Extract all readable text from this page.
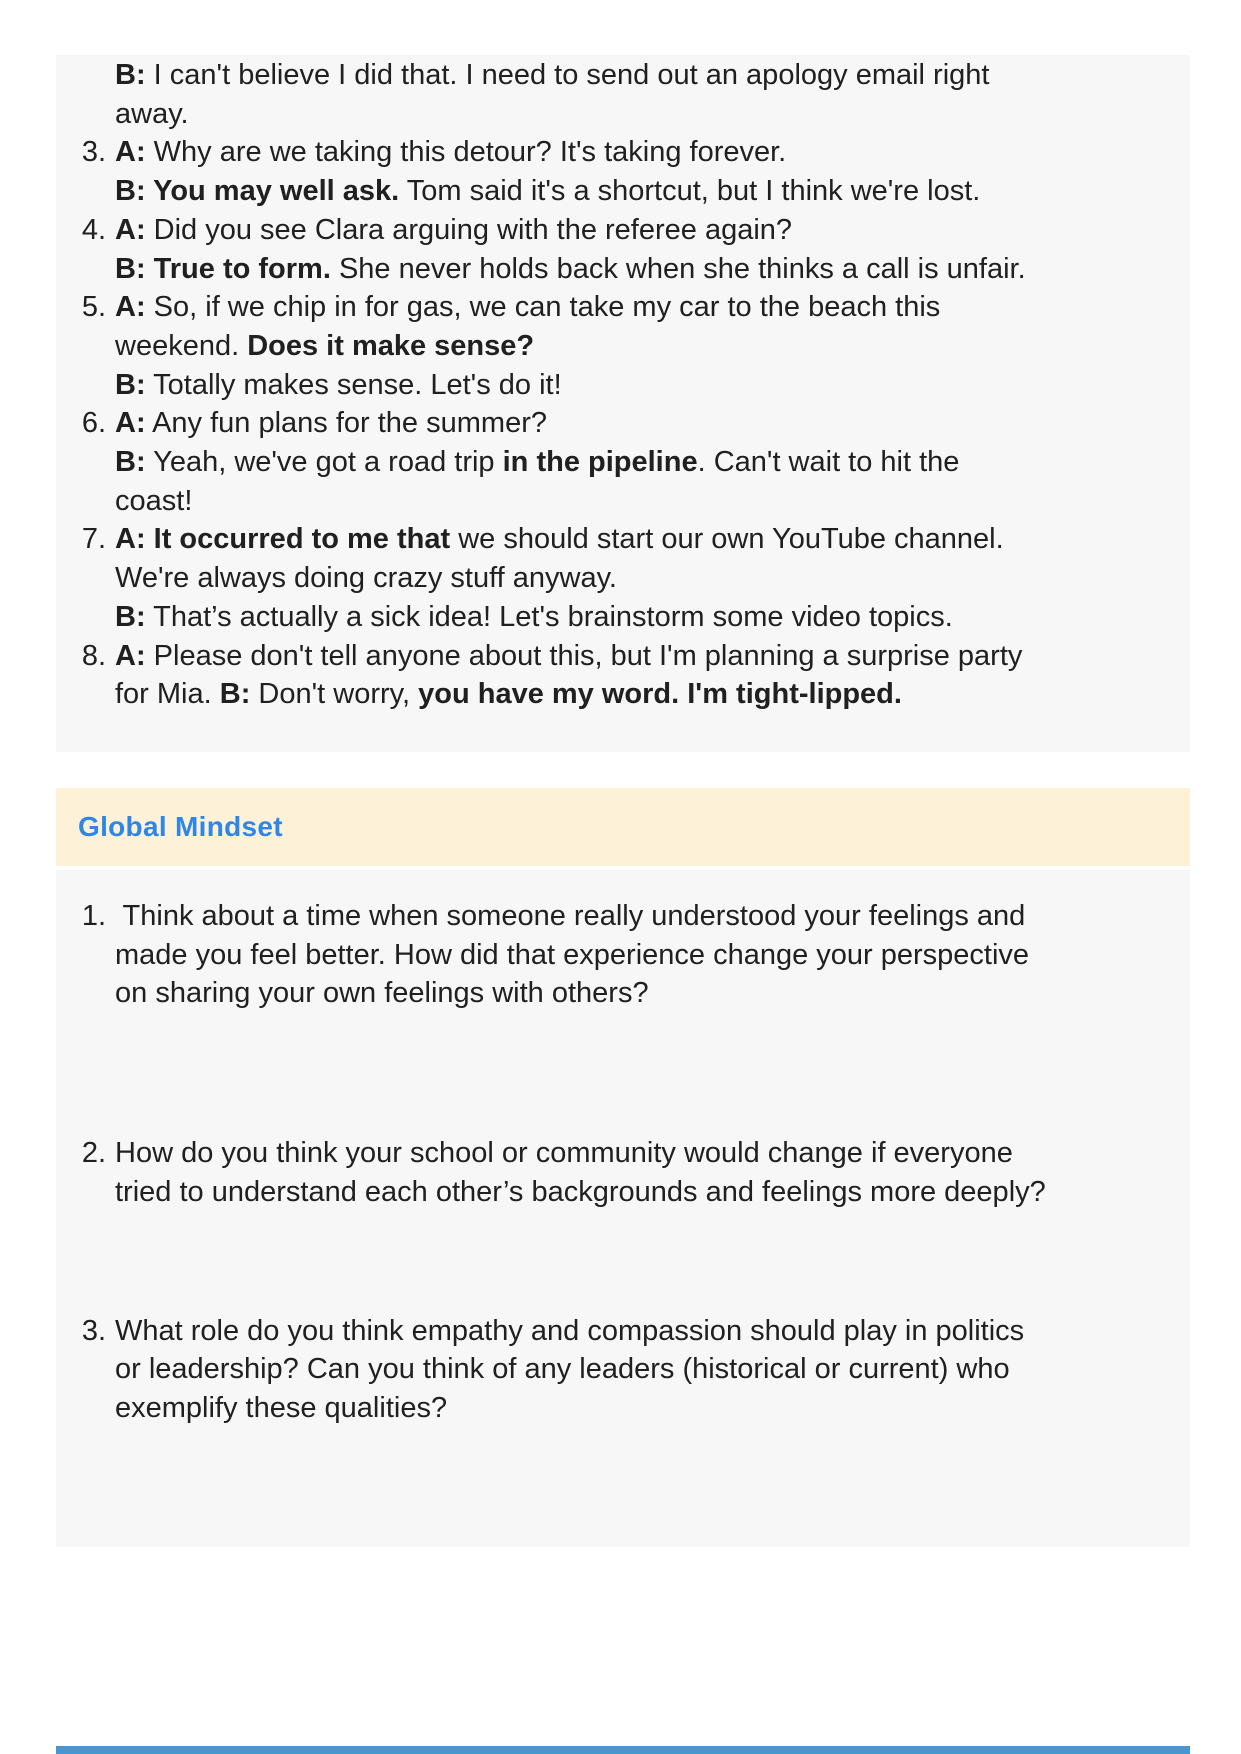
B: I can't believe I did that. I need to send out an apology email right
away.
3. A: Why are we taking this detour? It's taking forever.
B: You may well ask. Tom said it's a shortcut, but I think we're lost.
4. A: Did you see Clara arguing with the referee again?
B: True to form. She never holds back when she thinks a call is unfair.
5. A: So, if we chip in for gas, we can take my car to the beach this
weekend. Does it make sense?
B: Totally makes sense. Let's do it!
6. A: Any fun plans for the summer?
B: Yeah, we've got a road trip in the pipeline. Can't wait to hit the
coast!
7. A: It occurred to me that we should start our own YouTube channel.
We're always doing crazy stuff anyway.
B: That’s actually a sick idea! Let's brainstorm some video topics.
8. A: Please don't tell anyone about this, but I'm planning a surprise party
for Mia. B: Don't worry, you have my word. I'm tight-lipped.
Global Mindset
1. Think about a time when someone really understood your feelings and
made you feel better. How did that experience change your perspective
on sharing your own feelings with others?
2. How do you think your school or community would change if everyone
tried to understand each other’s backgrounds and feelings more deeply?
3. What role do you think empathy and compassion should play in politics
or leadership? Can you think of any leaders (historical or current) who
exemplify these qualities?
